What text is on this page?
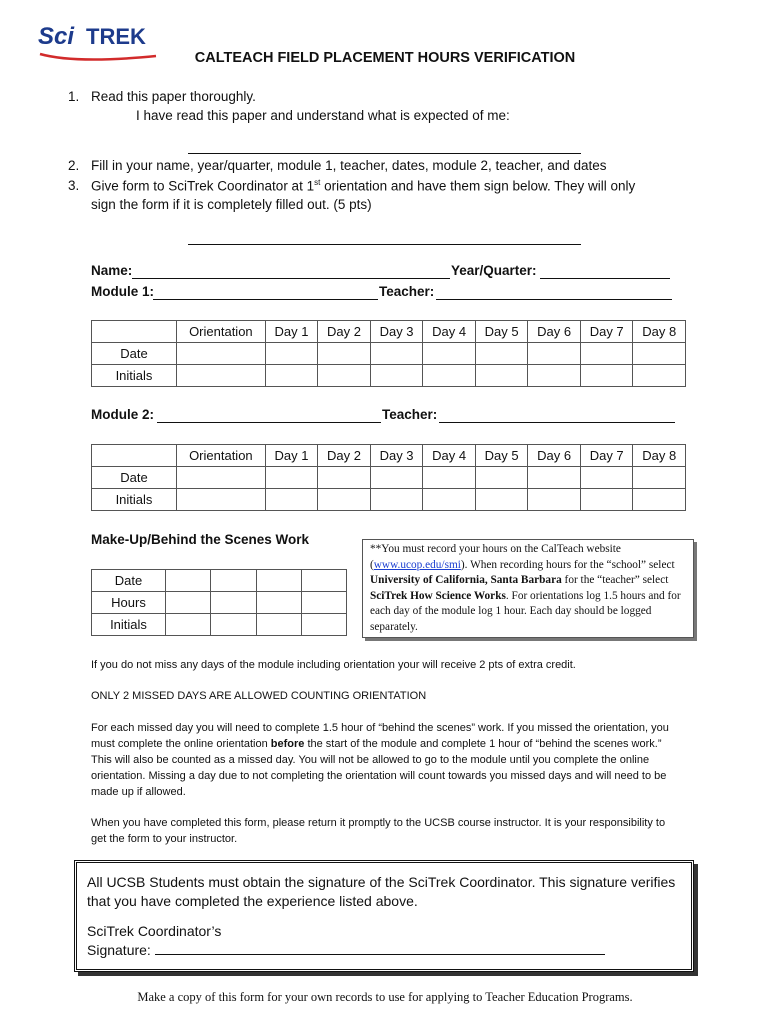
Sci TREK
CALTEACH FIELD PLACEMENT HOURS VERIFICATION
1. Read this paper thoroughly.
I have read this paper and understand what is expected of me:
2. Fill in your name, year/quarter, module 1, teacher, dates, module 2, teacher, and dates
3. Give form to SciTrek Coordinator at 1st orientation and have them sign below. They will only
sign the form if it is completely filled out. (5 pts)
Name:	Year/Quarter:
Module 1:	Teacher:
	Orientation	Day 1	Day 2	Day 3	Day 4	Day 5	Day 6	Day 7	Day 8
Date									
Initials									
Module 2:	Teacher:
	Orientation	Day 1	Day 2	Day 3	Day 4	Day 5	Day 6	Day 7	Day 8
Date									
Initials									
Make-Up/Behind the Scenes Work
Date				
Hours				
Initials				
**You must record your hours on the CalTeach website (www.ucop.edu/smi). When recording hours for the “school” select University of California, Santa Barbara for the “teacher” select SciTrek How Science Works. For orientations log 1.5 hours and for each day of the module log 1 hour. Each day should be logged separately.
If you do not miss any days of the module including orientation your will receive 2 pts of extra credit.
ONLY 2 MISSED DAYS ARE ALLOWED COUNTING ORIENTATION
For each missed day you will need to complete 1.5 hour of “behind the scenes” work. If you missed the orientation, you must complete the online orientation before the start of the module and complete 1 hour of “behind the scenes work.” This will also be counted as a missed day. You will not be allowed to go to the module until you complete the online orientation. Missing a day due to not completing the orientation will count towards you missed days and will need to be made up if allowed.
When you have completed this form, please return it promptly to the UCSB course instructor. It is your responsibility to get the form to your instructor.
All UCSB Students must obtain the signature of the SciTrek Coordinator. This signature verifies that you have completed the experience listed above.
SciTrek Coordinator’s
Signature:
Make a copy of this form for your own records to use for applying to Teacher Education Programs.
